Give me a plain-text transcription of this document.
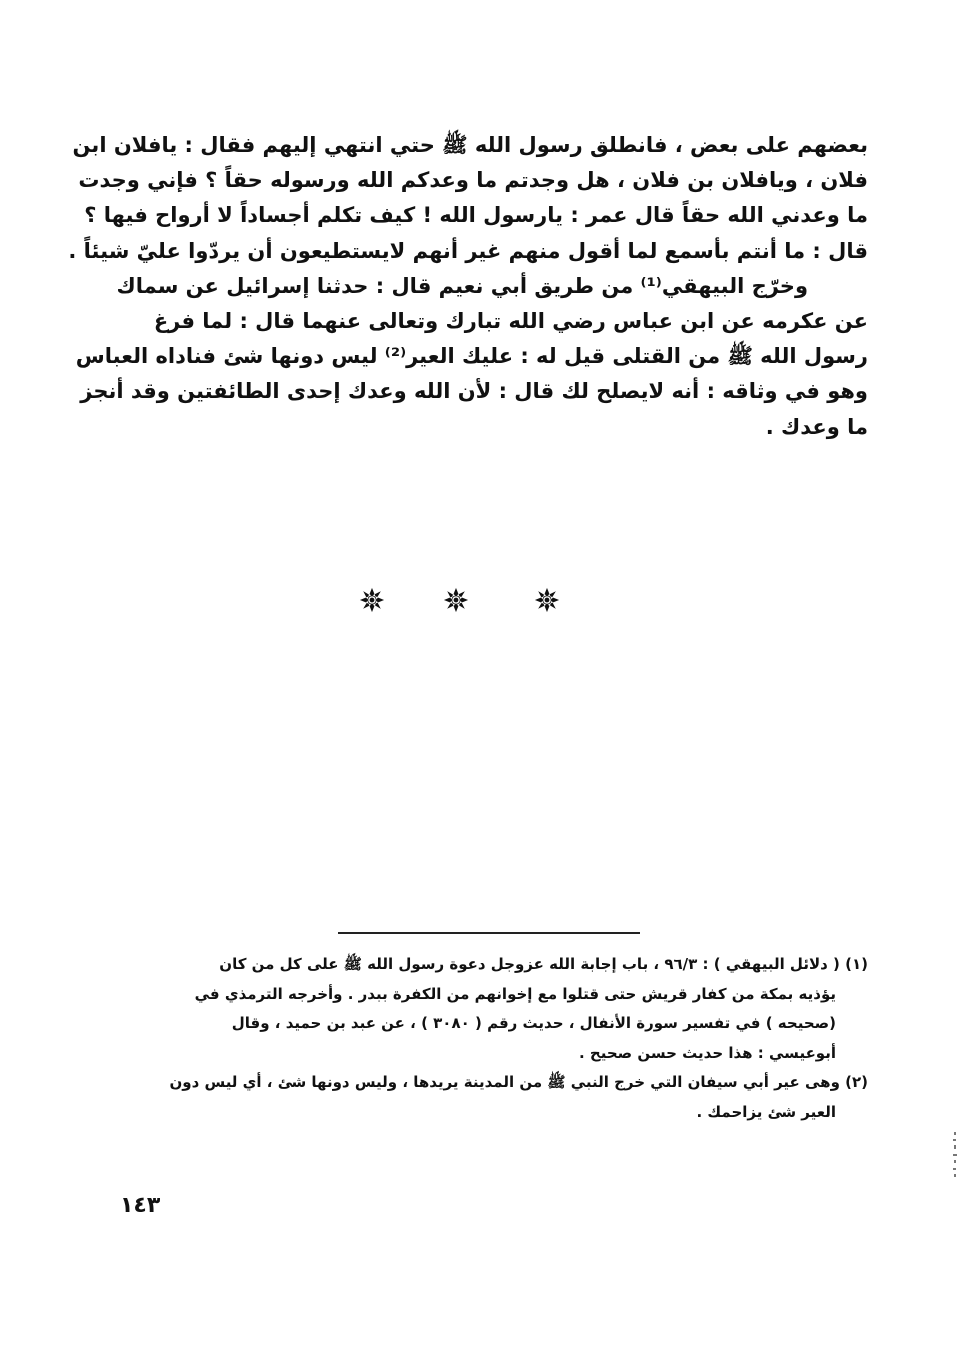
بعضهم على بعض ، فانطلق رسول الله ﷺ حتي انتهي إليهم فقال : يافلان ابن
فلان ، ويافلان بن فلان ، هل وجدتم ما وعدكم الله ورسوله حقاً ؟ فإني وجدت
ما وعدني الله حقاً قال عمر : يارسول الله ! كيف تكلم أجساداً لا أرواح فيها ؟
قال : ما أنتم بأسمع لما أقول منهم غير أنهم لايستطيعون أن يردّوا عليّ شيئاً .
وخرّج البيهقي⁽¹⁾ من طريق أبي نعيم قال : حدثنا إسرائيل عن سماك
عن عكرمه عن ابن عباس رضي الله تبارك وتعالى عنهما قال : لما فرغ
رسول الله ﷺ من القتلى قيل له : عليك العير⁽²⁾ ليس دونها شئ فناداه العباس
وهو في وثاقه : أنه لايصلح لك قال : لأن الله وعدك إحدى الطائفتين وقد أنجز
ما وعدك .
(١) ( دلائل البيهقي ) : ٩٦/٣ ، باب إجابة الله عزوجل دعوة رسول الله ﷺ على كل من كان
يؤذيه بمكة من كفار قريش حتى قتلوا مع إخوانهم من الكفرة ببدر . وأخرجه الترمذي في
(صحيحه ) في تفسير سورة الأنفال ، حديث رقم ( ٣٠٨٠ ) ، عن عبد بن حميد ، وقال
أبوعيسي : هذا حديث حسن صحيح .
(٢) وهى عير أبي سيفان التي خرج النبي ﷺ من المدينة يريدها ، وليس دونها شئ ، أي ليس دون
العير شئ يزاحمك .
١٤٣
